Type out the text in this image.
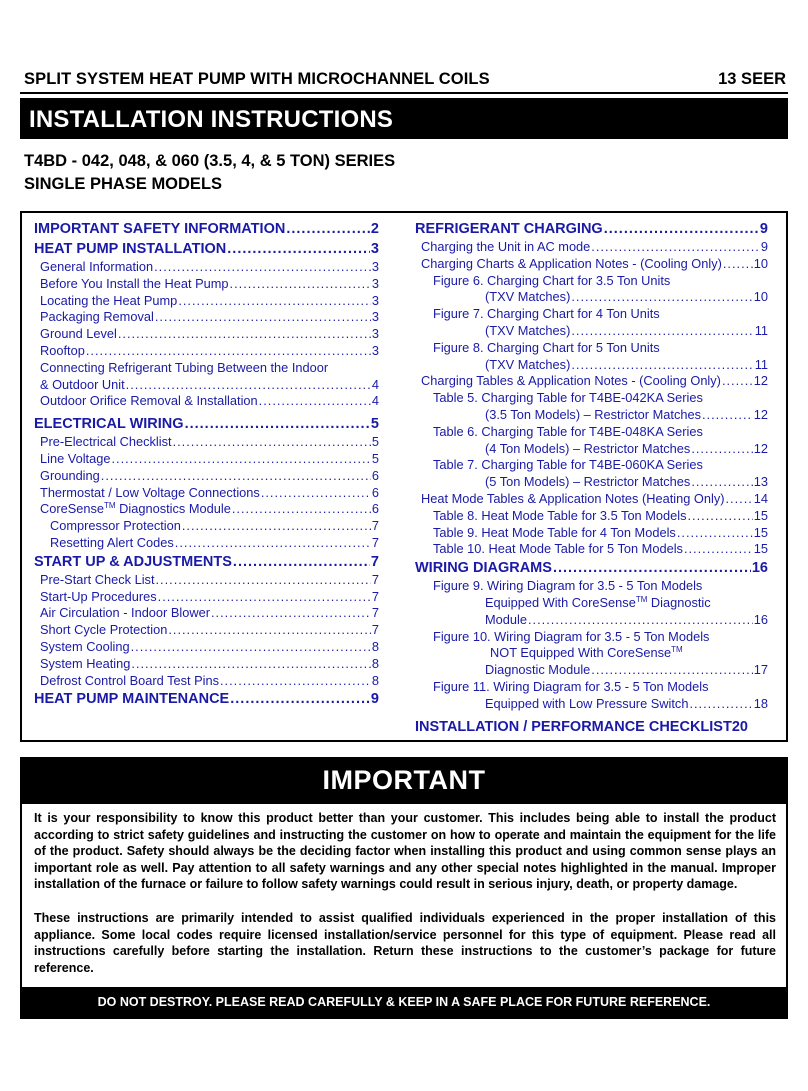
SPLIT SYSTEM HEAT PUMP WITH MICROCHANNEL COILS	13 SEER
INSTALLATION INSTRUCTIONS
T4BD - 042, 048, & 060 (3.5, 4, & 5 TON) SERIES
SINGLE PHASE MODELS
IMPORTANT SAFETY INFORMATION .....	2
HEAT PUMP INSTALLATION .....	3
General Information .....	3
Before You Install the Heat Pump .....	3
Locating the Heat Pump .....	3
Packaging Removal .....	3
Ground Level .....	3
Rooftop .....	3
Connecting Refrigerant Tubing Between the Indoor
& Outdoor Unit .....	4
Outdoor Orifice Removal & Installation .....	4
ELECTRICAL WIRING .....	5
Pre-Electrical Checklist .....	5
Line Voltage .....	5
Grounding .....	6
Thermostat / Low Voltage Connections .....	6
CoreSense™ Diagnostics Module .....	6
Compressor Protection .....	7
Resetting Alert Codes .....	7
START UP & ADJUSTMENTS .....	7
Pre-Start Check List .....	7
Start-Up Procedures .....	7
Air Circulation - Indoor Blower .....	7
Short Cycle Protection .....	7
System Cooling .....	8
System Heating .....	8
Defrost Control Board Test Pins .....	8
HEAT PUMP MAINTENANCE .....	9
REFRIGERANT CHARGING .....	9
Charging the Unit in AC mode .....	9
Charging Charts & Application Notes - (Cooling Only) ..... 10
Figure 6. Charging Chart for 3.5 Ton Units
(TXV Matches) .....	10
Figure 7. Charging Chart for 4 Ton Units
(TXV Matches) .....	11
Figure 8. Charging Chart for 5 Ton Units
(TXV Matches) .....	11
Charging Tables & Application Notes - (Cooling Only) .....	12
Table 5. Charging Table for T4BE-042KA Series
(3.5 Ton Models) – Restrictor Matches .....	12
Table 6. Charging Table for T4BE-048KA Series
(4 Ton Models) – Restrictor Matches .....	12
Table 7. Charging Table for T4BE-060KA Series
(5 Ton Models) – Restrictor Matches .....	13
Heat Mode Tables & Application Notes (Heating Only) ..... 14
Table 8. Heat Mode Table for 3.5 Ton Models .....	15
Table 9. Heat Mode Table for 4 Ton Models .....	15
Table 10. Heat Mode Table for 5 Ton Models .....	15
WIRING DIAGRAMS .....	16
Figure 9. Wiring Diagram for 3.5 - 5 Ton Models
Equipped With CoreSense™ Diagnostic
Module .....	16
Figure 10. Wiring Diagram for 3.5 - 5 Ton Models
NOT Equipped With CoreSense™
Diagnostic Module .....	17
Figure 11. Wiring Diagram for 3.5 - 5 Ton Models
Equipped with Low Pressure Switch .....	18
INSTALLATION / PERFORMANCE CHECKLIST20
IMPORTANT
It is your responsibility to know this product better than your customer. This includes being able to install the product according to strict safety guidelines and instructing the customer on how to operate and maintain the equipment for the life of the product. Safety should always be the deciding factor when installing this product and using common sense plays an important role as well. Pay attention to all safety warnings and any other special notes highlighted in the manual. Improper installation of the furnace or failure to follow safety warnings could result in serious injury, death, or property damage.
These instructions are primarily intended to assist qualified individuals experienced in the proper installation of this appliance. Some local codes require licensed installation/service personnel for this type of equipment. Please read all instructions carefully before starting the installation. Return these instructions to the customer’s package for future reference.
DO NOT DESTROY. PLEASE READ CAREFULLY & KEEP IN A SAFE PLACE FOR FUTURE REFERENCE.
